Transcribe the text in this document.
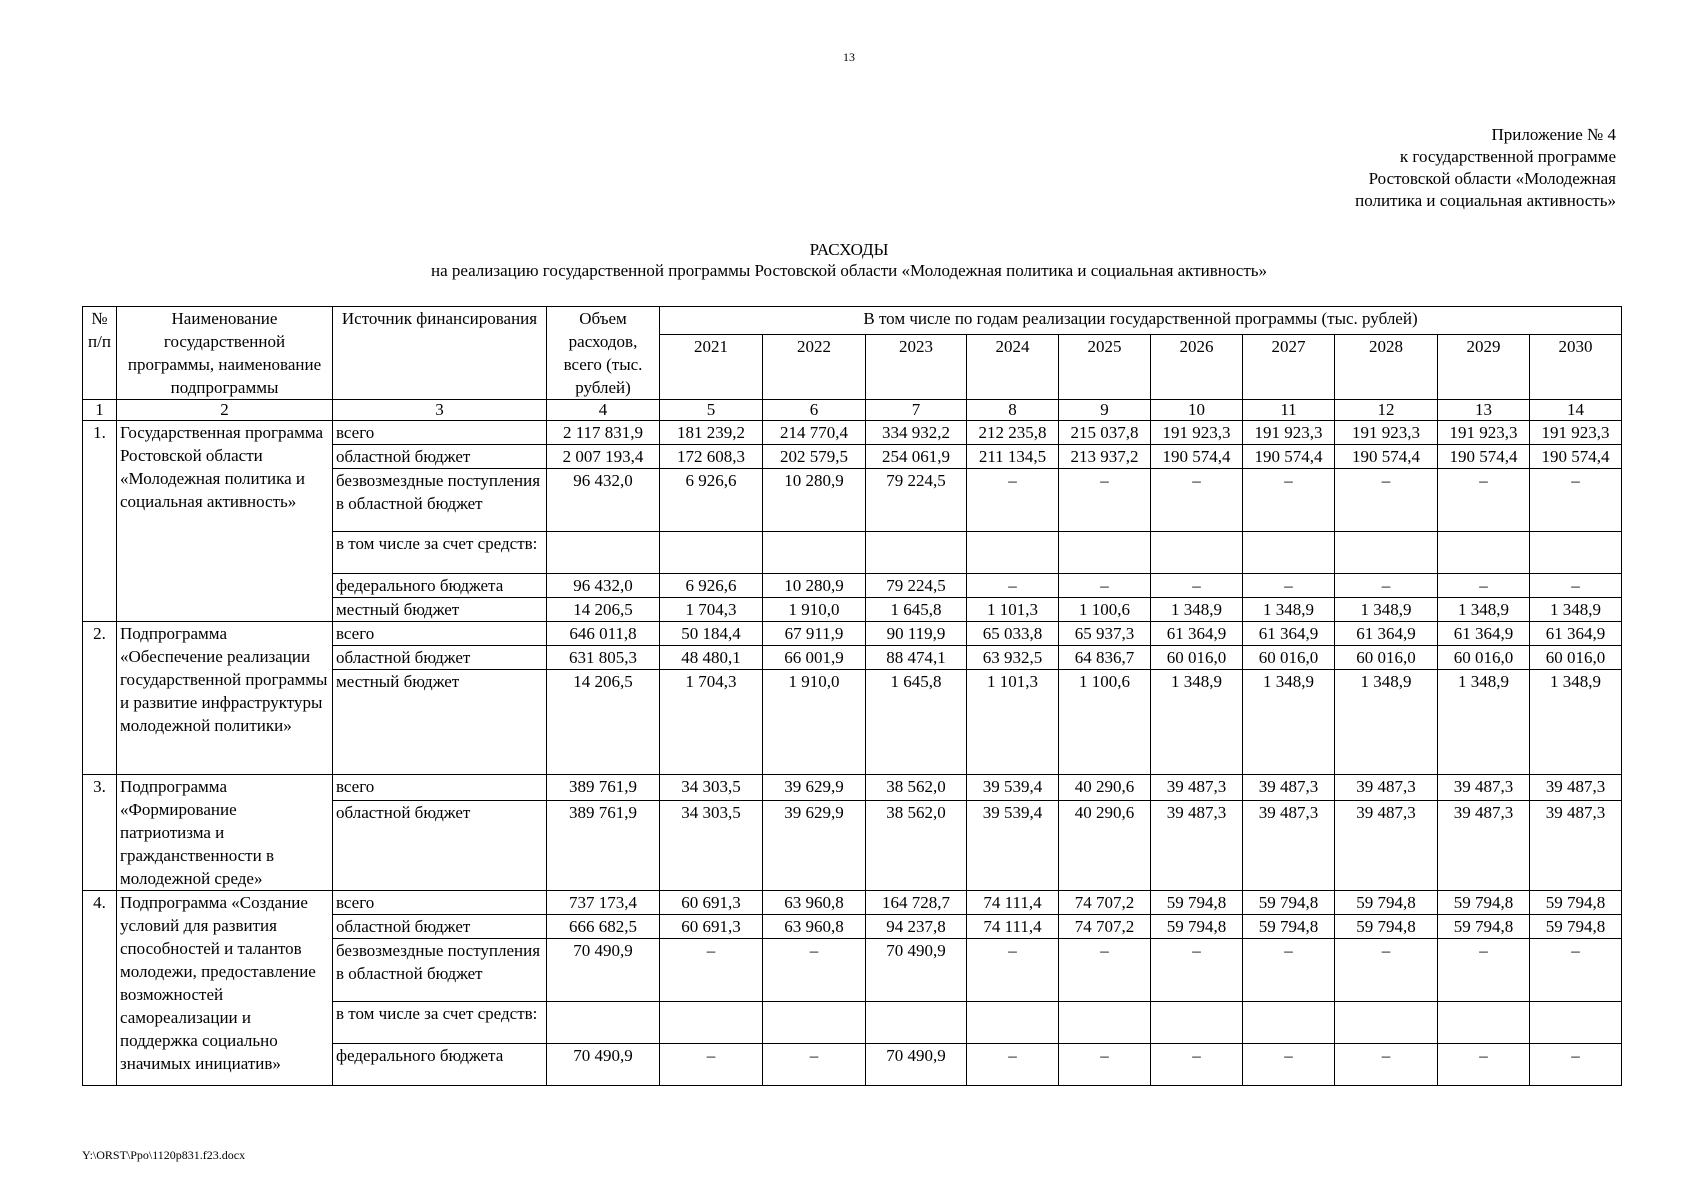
13
Приложение № 4
к государственной программе
Ростовской области «Молодежная
политика и социальная активность»
РАСХОДЫ
на реализацию государственной программы Ростовской области «Молодежная политика и социальная активность»
№ п/п	Наименование государственной программы, наименование подпрограммы	Источник финансирования	Объем расходов, всего (тыс. рублей)	В том числе по годам реализации государственной программы (тыс. рублей)									
				2021	2022	2023	2024	2025	2026	2027	2028	2029	2030
1	2	3	4	5	6	7	8	9	10	11	12	13	14
1.	Государственная программа Ростовской области «Молодежная политика и социальная активность»	всего	2 117 831,9	181 239,2	214 770,4	334 932,2	212 235,8	215 037,8	191 923,3	191 923,3	191 923,3	191 923,3	191 923,3
		областной бюджет	2 007 193,4	172 608,3	202 579,5	254 061,9	211 134,5	213 937,2	190 574,4	190 574,4	190 574,4	190 574,4	190 574,4
		безвозмездные поступления в областной бюджет	96 432,0	6 926,6	10 280,9	79 224,5	–	–	–	–	–	–	–
		в том числе за счет средств:											
		федерального бюджета	96 432,0	6 926,6	10 280,9	79 224,5	–	–	–	–	–	–	–
		местный бюджет	14 206,5	1 704,3	1 910,0	1 645,8	1 101,3	1 100,6	1 348,9	1 348,9	1 348,9	1 348,9	1 348,9
2.	Подпрограмма «Обеспечение реализации государственной программы и развитие инфраструктуры молодежной политики»	всего	646 011,8	50 184,4	67 911,9	90 119,9	65 033,8	65 937,3	61 364,9	61 364,9	61 364,9	61 364,9	61 364,9
		областной бюджет	631 805,3	48 480,1	66 001,9	88 474,1	63 932,5	64 836,7	60 016,0	60 016,0	60 016,0	60 016,0	60 016,0
		местный бюджет	14 206,5	1 704,3	1 910,0	1 645,8	1 101,3	1 100,6	1 348,9	1 348,9	1 348,9	1 348,9	1 348,9
3.	Подпрограмма «Формирование патриотизма и гражданственности в молодежной среде»	всего	389 761,9	34 303,5	39 629,9	38 562,0	39 539,4	40 290,6	39 487,3	39 487,3	39 487,3	39 487,3	39 487,3
		областной бюджет	389 761,9	34 303,5	39 629,9	38 562,0	39 539,4	40 290,6	39 487,3	39 487,3	39 487,3	39 487,3	39 487,3
4.	Подпрограмма «Создание условий для развития способностей и талантов молодежи, предоставление возможностей самореализации и поддержка социально значимых инициатив»	всего	737 173,4	60 691,3	63 960,8	164 728,7	74 111,4	74 707,2	59 794,8	59 794,8	59 794,8	59 794,8	59 794,8
		областной бюджет	666 682,5	60 691,3	63 960,8	94 237,8	74 111,4	74 707,2	59 794,8	59 794,8	59 794,8	59 794,8	59 794,8
		безвозмездные поступления в областной бюджет	70 490,9	–	–	70 490,9	–	–	–	–	–	–	–
		в том числе за счет средств:											
		федерального бюджета	70 490,9	–	–	70 490,9	–	–	–	–	–	–	–
Y:\ORST\Ppo\1120p831.f23.docx
